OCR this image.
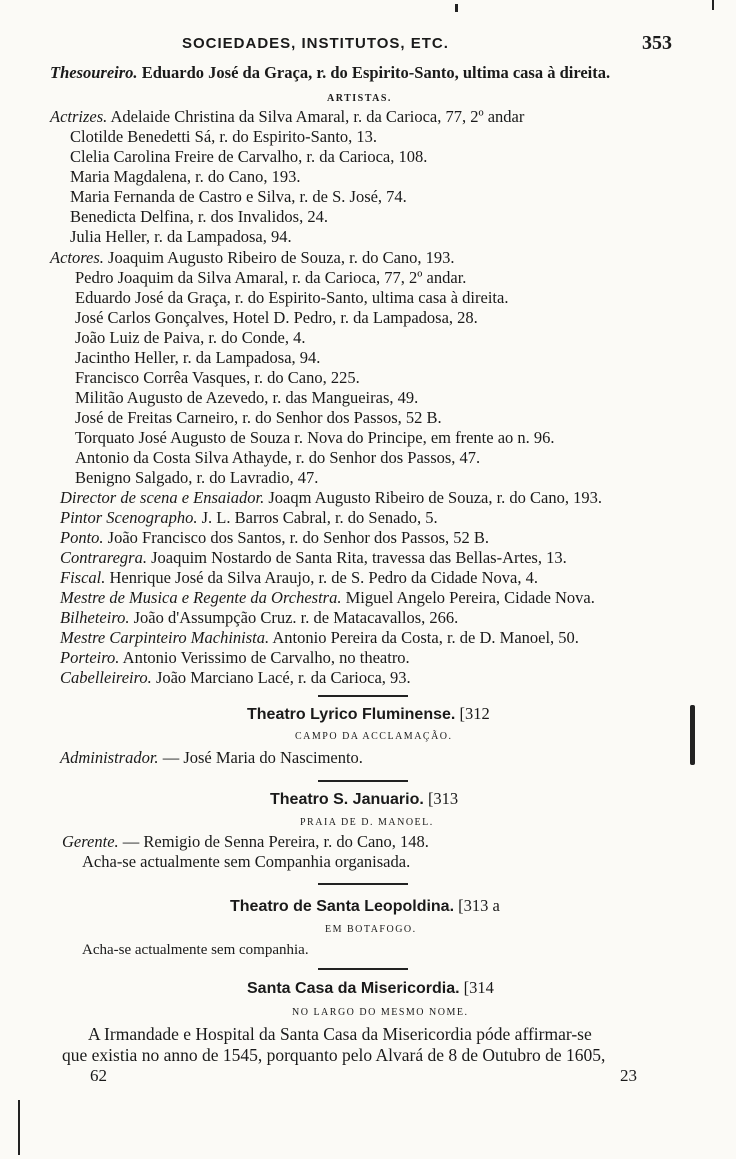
SOCIEDADES, INSTITUTOS, ETC.	353
Thesoureiro. Eduardo José da Graça, r. do Espirito-Santo, ultima casa à direita.
ARTISTAS.
Actrizes. Adelaide Christina da Silva Amaral, r. da Carioca, 77, 2º andar
Clotilde Benedetti Sá, r. do Espirito-Santo, 13.
Clelia Carolina Freire de Carvalho, r. da Carioca, 108.
Maria Magdalena, r. do Cano, 193.
Maria Fernanda de Castro e Silva, r. de S. José, 74.
Benedicta Delfina, r. dos Invalidos, 24.
Julia Heller, r. da Lampadosa, 94.
Actores. Joaquim Augusto Ribeiro de Souza, r. do Cano, 193.
Pedro Joaquim da Silva Amaral, r. da Carioca, 77, 2º andar.
Eduardo José da Graça, r. do Espirito-Santo, ultima casa à direita.
José Carlos Gonçalves, Hotel D. Pedro, r. da Lampadosa, 28.
João Luiz de Paiva, r. do Conde, 4.
Jacintho Heller, r. da Lampadosa, 94.
Francisco Corrêa Vasques, r. do Cano, 225.
Militão Augusto de Azevedo, r. das Mangueiras, 49.
José de Freitas Carneiro, r. do Senhor dos Passos, 52 B.
Torquato José Augusto de Souza r. Nova do Principe, em frente ao n. 96.
Antonio da Costa Silva Athayde, r. do Senhor dos Passos, 47.
Benigno Salgado, r. do Lavradio, 47.
Director de scena e Ensaiador. Joaqm Augusto Ribeiro de Souza, r. do Cano, 193.
Pintor Scenographo. J. L. Barros Cabral, r. do Senado, 5.
Ponto. João Francisco dos Santos, r. do Senhor dos Passos, 52 B.
Contraregra. Joaquim Nostardo de Santa Rita, travessa das Bellas-Artes, 13.
Fiscal. Henrique José da Silva Araujo, r. de S. Pedro da Cidade Nova, 4.
Mestre de Musica e Regente da Orchestra. Miguel Angelo Pereira, Cidade Nova.
Bilheteiro. João d'Assumpção Cruz. r. de Matacavallos, 266.
Mestre Carpinteiro Machinista. Antonio Pereira da Costa, r. de D. Manoel, 50.
Porteiro. Antonio Verissimo de Carvalho, no theatro.
Cabelleireiro. João Marciano Lacé, r. da Carioca, 93.
Theatro Lyrico Fluminense. [312
CAMPO DA ACCLAMAÇÃO.
Administrador. — José Maria do Nascimento.
Theatro S. Januario. [313
PRAIA DE D. MANOEL.
Gerente. — Remigio de Senna Pereira, r. do Cano, 148.
Acha-se actualmente sem Companhia organisada.
Theatro de Santa Leopoldina. [313 a
EM BOTAFOGO.
Acha-se actualmente sem companhia.
Santa Casa da Misericordia. [314
NO LARGO DO MESMO NOME.
A Irmandade e Hospital da Santa Casa da Misericordia póde affirmar-se
que existia no anno de 1545, porquanto pelo Alvará de 8 de Outubro de 1605,
62	23
